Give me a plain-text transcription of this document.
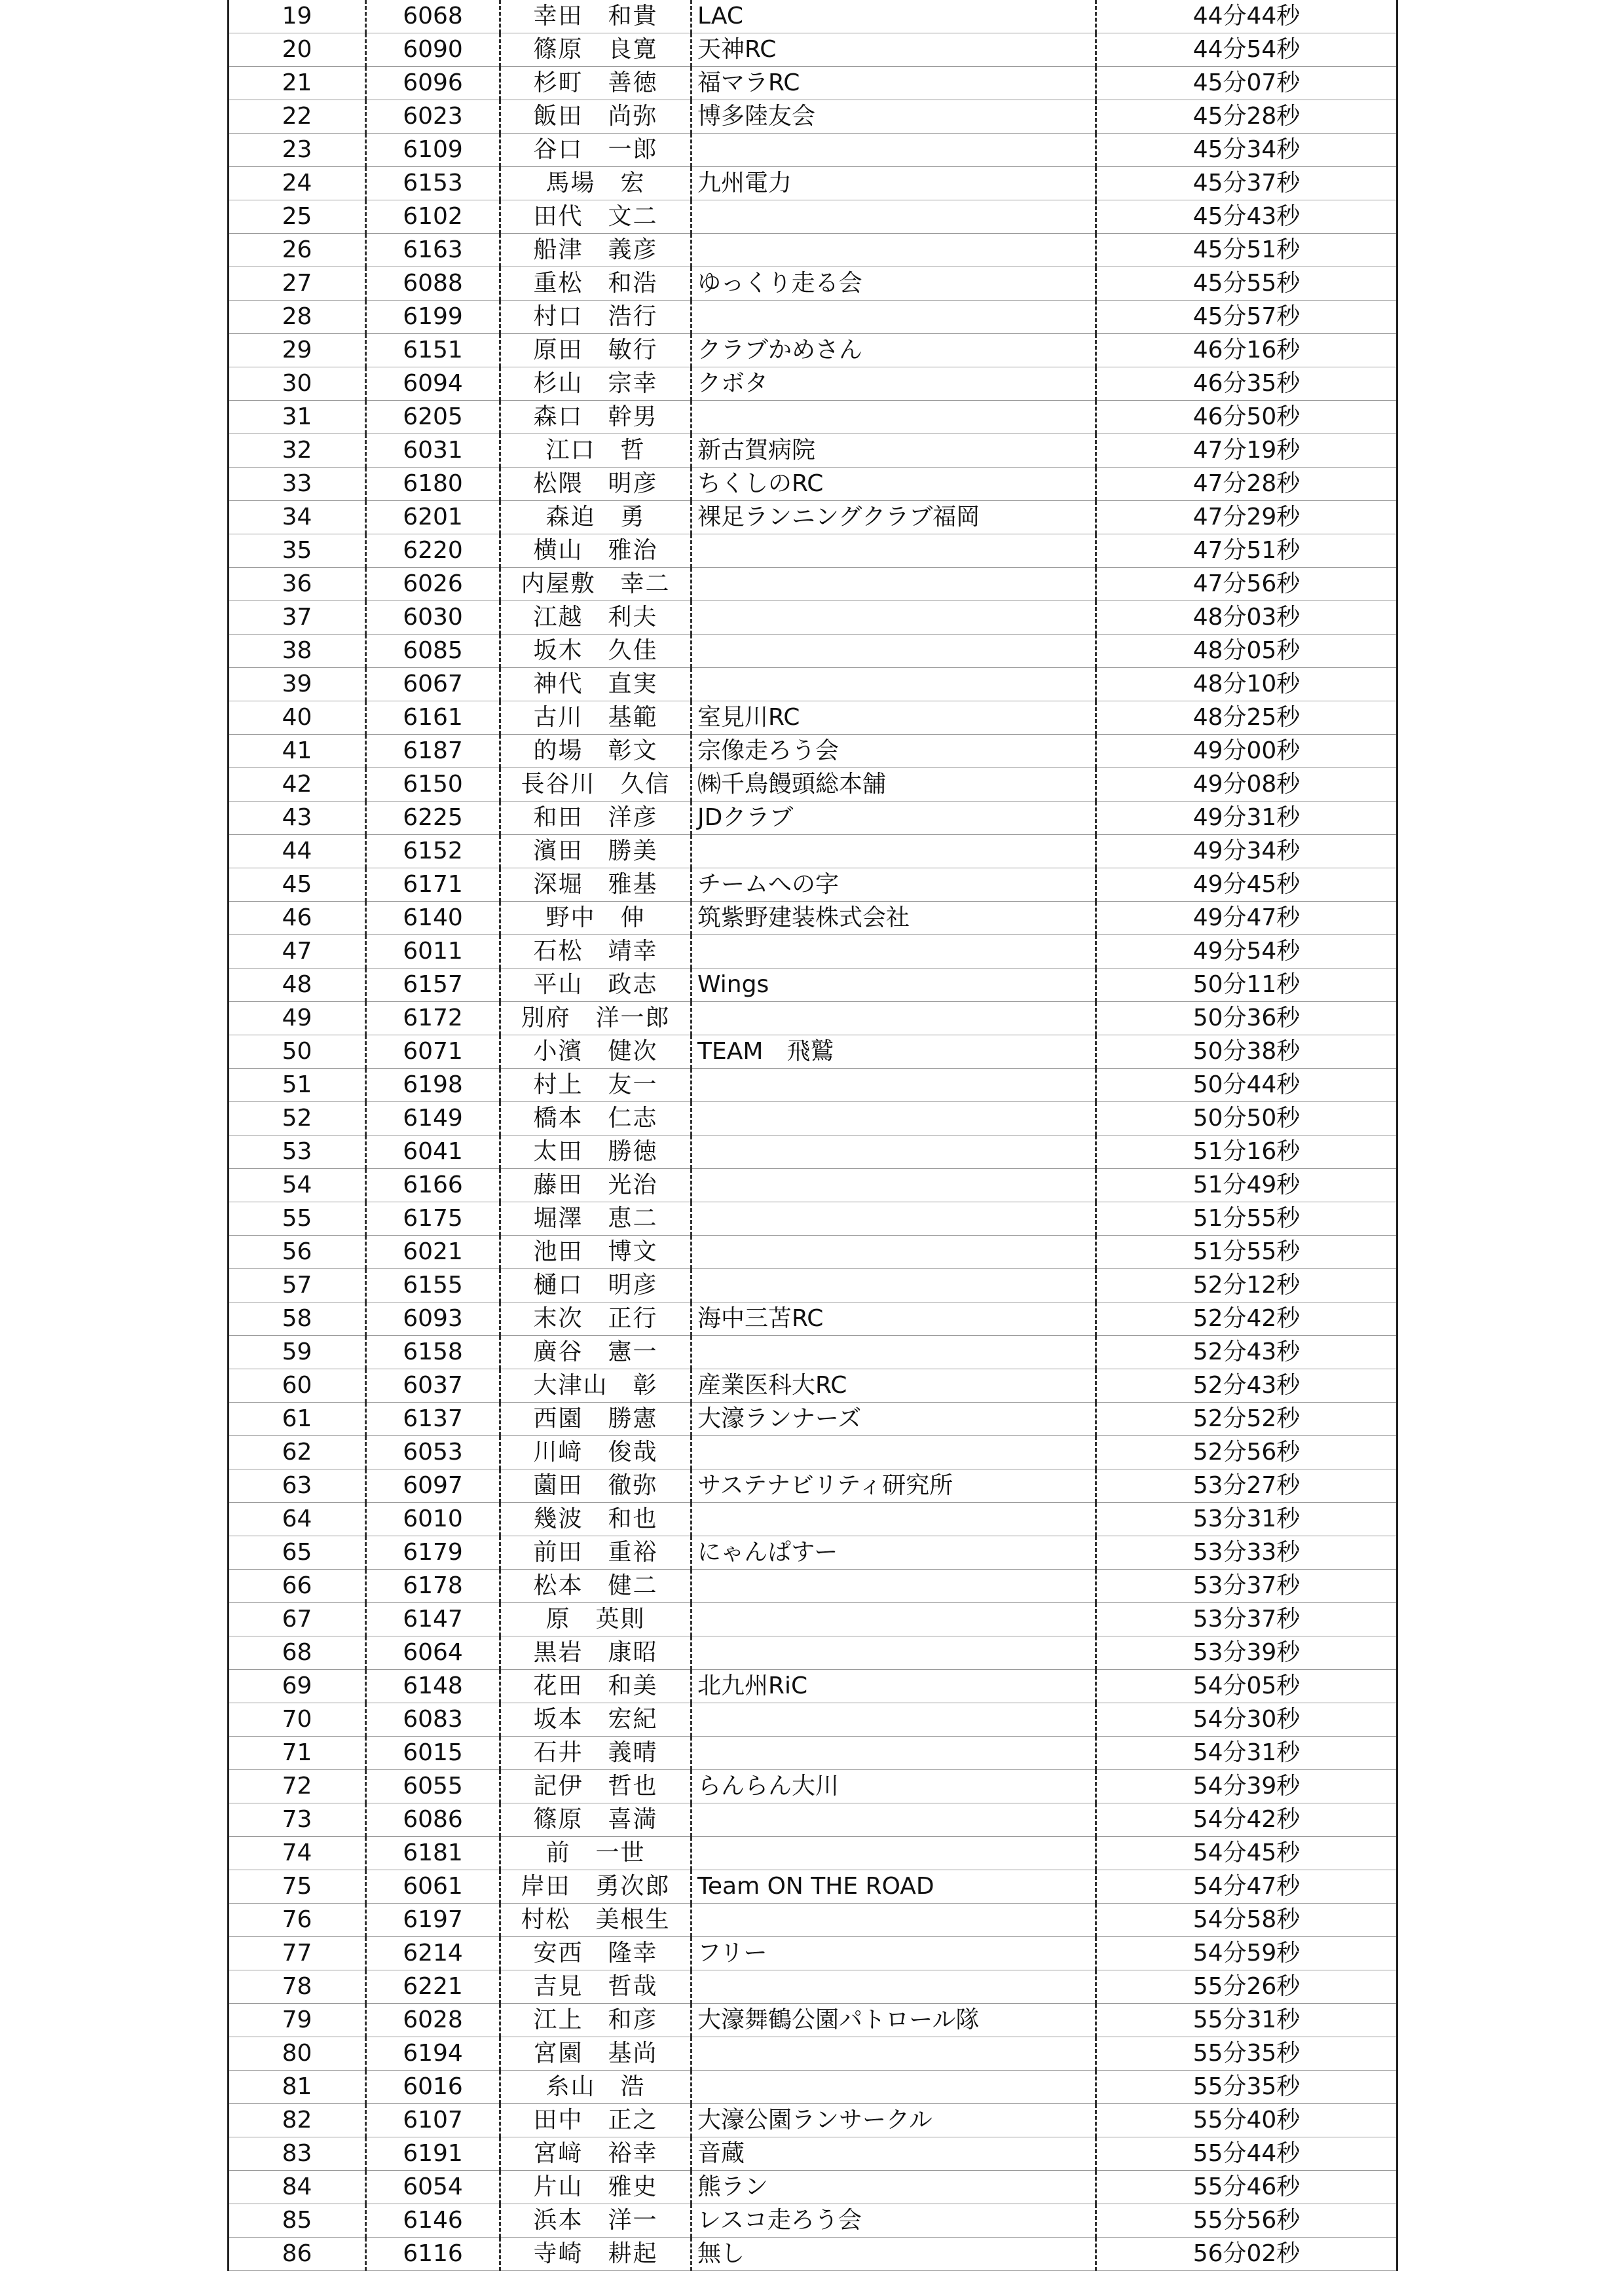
19	6068	幸田　和貴	LAC	44分44秒
20	6090	篠原　良寛	天神RC	44分54秒
21	6096	杉町　善徳	福マラRC	45分07秒
22	6023	飯田　尚弥	博多陸友会	45分28秒
23	6109	谷口　一郎		45分34秒
24	6153	馬場　宏	九州電力	45分37秒
25	6102	田代　文二		45分43秒
26	6163	船津　義彦		45分51秒
27	6088	重松　和浩	ゆっくり走る会	45分55秒
28	6199	村口　浩行		45分57秒
29	6151	原田　敏行	クラブかめさん	46分16秒
30	6094	杉山　宗幸	クボタ	46分35秒
31	6205	森口　幹男		46分50秒
32	6031	江口　哲	新古賀病院	47分19秒
33	6180	松隈　明彦	ちくしのRC	47分28秒
34	6201	森迫　勇	裸足ランニングクラブ福岡	47分29秒
35	6220	横山　雅治		47分51秒
36	6026	内屋敷　幸二		47分56秒
37	6030	江越　利夫		48分03秒
38	6085	坂木　久佳		48分05秒
39	6067	神代　直実		48分10秒
40	6161	古川　基範	室見川RC	48分25秒
41	6187	的場　彰文	宗像走ろう会	49分00秒
42	6150	長谷川　久信	㈱千鳥饅頭総本舗	49分08秒
43	6225	和田　洋彦	JDクラブ	49分31秒
44	6152	濱田　勝美		49分34秒
45	6171	深堀　雅基	チームへの字	49分45秒
46	6140	野中　伸	筑紫野建装株式会社	49分47秒
47	6011	石松　靖幸		49分54秒
48	6157	平山　政志	Wings	50分11秒
49	6172	別府　洋一郎		50分36秒
50	6071	小濱　健次	TEAM　飛鷲	50分38秒
51	6198	村上　友一		50分44秒
52	6149	橋本　仁志		50分50秒
53	6041	太田　勝徳		51分16秒
54	6166	藤田　光治		51分49秒
55	6175	堀澤　恵二		51分55秒
56	6021	池田　博文		51分55秒
57	6155	樋口　明彦		52分12秒
58	6093	末次　正行	海中三苫RC	52分42秒
59	6158	廣谷　憲一		52分43秒
60	6037	大津山　彰	産業医科大RC	52分43秒
61	6137	西園　勝憲	大濠ランナーズ	52分52秒
62	6053	川﨑　俊哉		52分56秒
63	6097	薗田　徹弥	サステナビリティ研究所	53分27秒
64	6010	幾波　和也		53分31秒
65	6179	前田　重裕	にゃんぱすー	53分33秒
66	6178	松本　健二		53分37秒
67	6147	原　英則		53分37秒
68	6064	黒岩　康昭		53分39秒
69	6148	花田　和美	北九州RiC	54分05秒
70	6083	坂本　宏紀		54分30秒
71	6015	石井　義晴		54分31秒
72	6055	記伊　哲也	らんらん大川	54分39秒
73	6086	篠原　喜満		54分42秒
74	6181	前　一世		54分45秒
75	6061	岸田　勇次郎	Team ON THE ROAD	54分47秒
76	6197	村松　美根生		54分58秒
77	6214	安西　隆幸	フリー	54分59秒
78	6221	吉見　哲哉		55分26秒
79	6028	江上　和彦	大濠舞鶴公園パトロール隊	55分31秒
80	6194	宮園　基尚		55分35秒
81	6016	糸山　浩		55分35秒
82	6107	田中　正之	大濠公園ランサークル	55分40秒
83	6191	宮﨑　裕幸	音蔵	55分44秒
84	6054	片山　雅史	熊ラン	55分46秒
85	6146	浜本　洋一	レスコ走ろう会	55分56秒
86	6116	寺崎　耕起	無し	56分02秒
